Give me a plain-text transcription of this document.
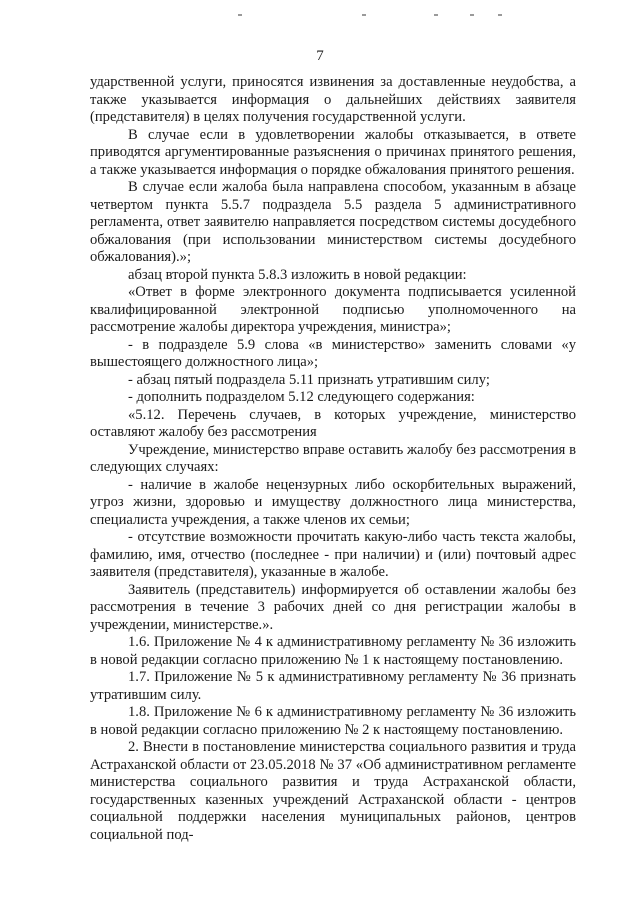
7

ударственной услуги, приносятся извинения за доставленные неудобства, а также указывается информация о дальнейших действиях заявителя (представителя) в целях получения государственной услуги.

В случае если в удовлетворении жалобы отказывается, в ответе приводятся аргументированные разъяснения о причинах принятого решения, а также указывается информация о порядке обжалования принятого решения.

В случае если жалоба была направлена способом, указанным в абзаце четвертом пункта 5.5.7 подраздела 5.5 раздела 5 административного регламента, ответ заявителю направляется посредством системы досудебного обжалования (при использовании министерством системы досудебного обжалования).»;

абзац второй пункта 5.8.3 изложить в новой редакции:

«Ответ в форме электронного документа подписывается усиленной квалифицированной электронной подписью уполномоченного на рассмотрение жалобы директора учреждения, министра»;

- в подразделе 5.9 слова «в министерство» заменить словами «у вышестоящего должностного лица»;

- абзац пятый подраздела 5.11 признать утратившим силу;

- дополнить подразделом 5.12 следующего содержания:

«5.12. Перечень случаев, в которых учреждение, министерство оставляют жалобу без рассмотрения

Учреждение, министерство вправе оставить жалобу без рассмотрения в следующих случаях:

- наличие в жалобе нецензурных либо оскорбительных выражений, угроз жизни, здоровью и имуществу должностного лица министерства, специалиста учреждения, а также членов их семьи;

- отсутствие возможности прочитать какую-либо часть текста жалобы, фамилию, имя, отчество (последнее - при наличии) и (или) почтовый адрес заявителя (представителя), указанные в жалобе.

Заявитель (представитель) информируется об оставлении жалобы без рассмотрения в течение 3 рабочих дней со дня регистрации жалобы в учреждении, министерстве.».

1.6. Приложение № 4 к административному регламенту № 36 изложить в новой редакции согласно приложению № 1 к настоящему постановлению.

1.7. Приложение № 5 к административному регламенту № 36 признать утратившим силу.

1.8. Приложение № 6 к административному регламенту № 36 изложить в новой редакции согласно приложению № 2 к настоящему постановлению.

2. Внести в постановление министерства социального развития и труда Астраханской области от 23.05.2018 № 37 «Об административном регламенте министерства социального развития и труда Астраханской области, государственных казенных учреждений Астраханской области - центров социальной поддержки населения муниципальных районов, центров социальной под-
